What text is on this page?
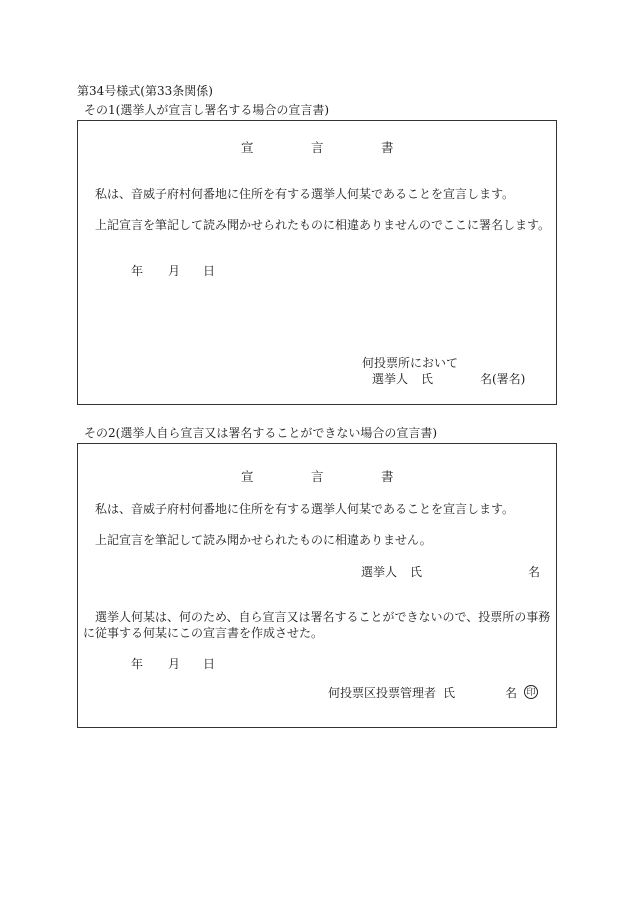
第34号様式(第33条関係)
その1(選挙人が宣言し署名する場合の宣言書)
宣	言	書
私は、音威子府村何番地に住所を有する選挙人何某であることを宣言します。
上記宣言を筆記して読み聞かせられたものに相違ありませんのでここに署名します。
年 月 日
何投票所において
選挙人 氏	名(署名)
その2(選挙人自ら宣言又は署名することができない場合の宣言書)
宣	言	書
私は、音威子府村何番地に住所を有する選挙人何某であることを宣言します。
上記宣言を筆記して読み聞かせられたものに相違ありません。
選挙人 氏	名
選挙人何某は、何のため、自ら宣言又は署名することができないので、投票所の事務
に従事する何某にこの宣言書を作成させた。
年 月 日
何投票区投票管理者 氏	名 印
